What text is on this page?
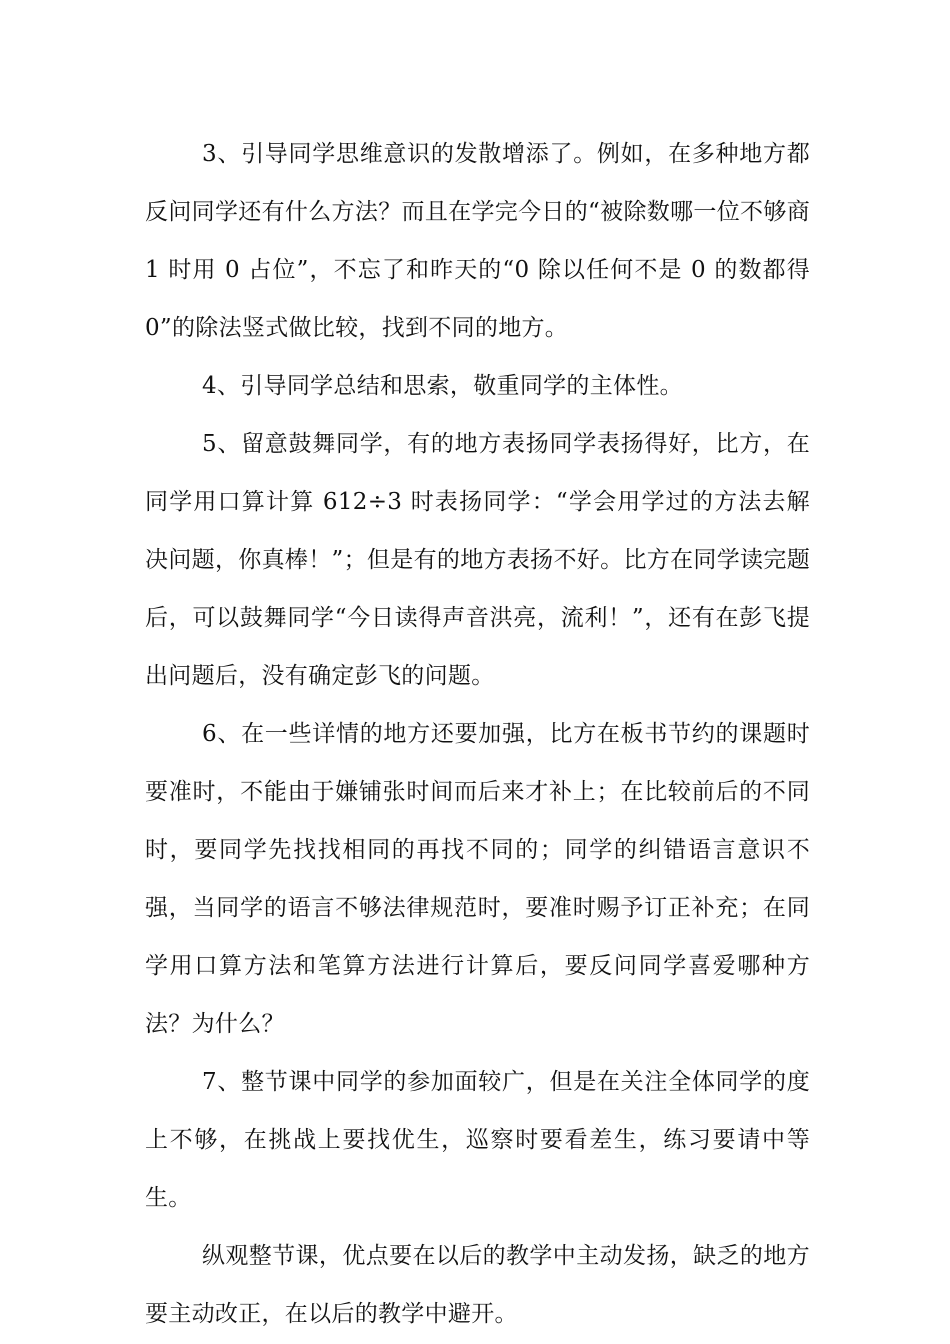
3、引导同学思维意识的发散增添了。例如，在多种地方都反问同学还有什么方法？而且在学完今日的“被除数哪一位不够商 1 时用 0 占位”，不忘了和昨天的“0 除以任何不是 0 的数都得 0”的除法竖式做比较，找到不同的地方。

4、引导同学总结和思索，敬重同学的主体性。

5、留意鼓舞同学，有的地方表扬同学表扬得好，比方，在同学用口算计算 612÷3 时表扬同学：“学会用学过的方法去解决问题，你真棒！”；但是有的地方表扬不好。比方在同学读完题后，可以鼓舞同学“今日读得声音洪亮，流利！”，还有在彭飞提出问题后，没有确定彭飞的问题。

6、在一些详情的地方还要加强，比方在板书节约的课题时要准时，不能由于嫌铺张时间而后来才补上；在比较前后的不同时，要同学先找找相同的再找不同的；同学的纠错语言意识不强，当同学的语言不够法律规范时，要准时赐予订正补充；在同学用口算方法和笔算方法进行计算后，要反问同学喜爱哪种方法？为什么？

7、整节课中同学的参加面较广，但是在关注全体同学的度上不够，在挑战上要找优生，巡察时要看差生，练习要请中等生。

纵观整节课，优点要在以后的教学中主动发扬，缺乏的地方要主动改正，在以后的教学中避开。
